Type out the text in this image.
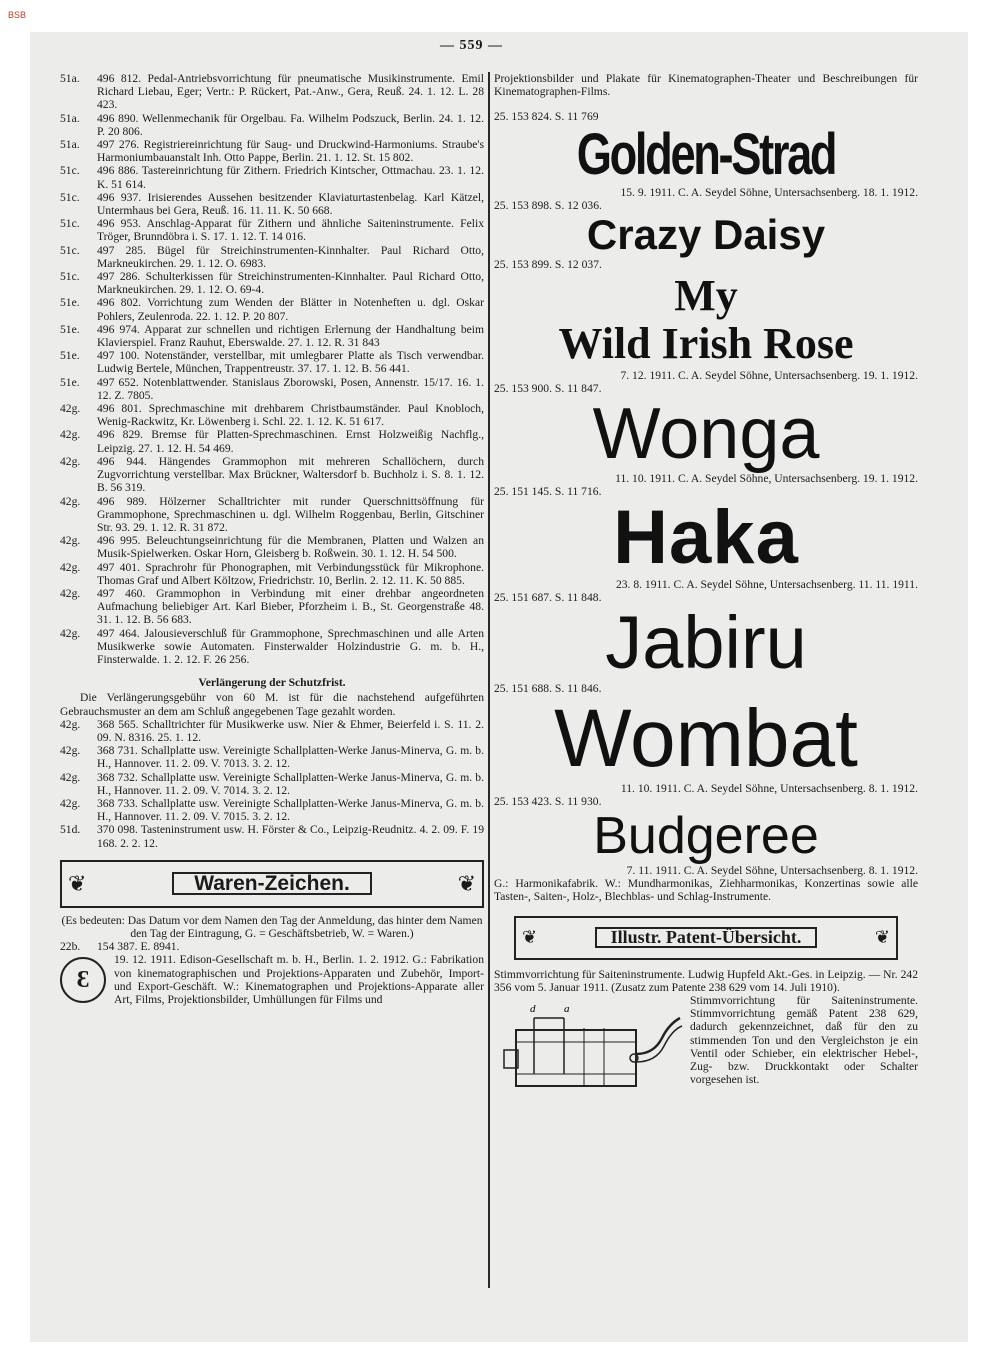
BSB
— 559 —

51a. 496 812. Pedal-Antriebsvorrichtung für pneumatische Musikinstrumente. Emil Richard Liebau, Eger; Vertr.: P. Rückert, Pat.-Anw., Gera, Reuß. 24. 1. 12. L. 28 423.

51a. 496 890. Wellenmechanik für Orgelbau. Fa. Wilhelm Podszuck, Berlin. 24. 1. 12. P. 20 806.

51a. 497 276. Registriereinrichtung für Saug- und Druckwind-Harmoniums. Straube's Harmoniumbauanstalt Inh. Otto Pappe, Berlin. 21. 1. 12. St. 15 802.

51c. 496 886. Tastereinrichtung für Zithern. Friedrich Kintscher, Ottmachau. 23. 1. 12. K. 51 614.

51c. 496 937. Irisierendes Aussehen besitzender Klaviaturtastenbelag. Karl Kätzel, Untermhaus bei Gera, Reuß. 16. 11. 11. K. 50 668.

51c. 496 953. Anschlag-Apparat für Zithern und ähnliche Saiteninstrumente. Felix Tröger, Brunndöbra i. S. 17. 1. 12. T. 14 016.

51c. 497 285. Bügel für Streichinstrumenten-Kinnhalter. Paul Richard Otto, Markneukirchen. 29. 1. 12. O. 6983.

51c. 497 286. Schulterkissen für Streichinstrumenten-Kinnhalter. Paul Richard Otto, Markneukirchen. 29. 1. 12. O. 69-4.

51e. 496 802. Vorrichtung zum Wenden der Blätter in Notenheften u. dgl. Oskar Pohlers, Zeulenroda. 22. 1. 12. P. 20 807.

51e. 496 974. Apparat zur schnellen und richtigen Erlernung der Handhaltung beim Klavierspiel. Franz Rauhut, Eberswalde. 27. 1. 12. R. 31 843

51e. 497 100. Notenständer, verstellbar, mit umlegbarer Platte als Tisch verwendbar. Ludwig Bertele, München, Trappentreustr. 37. 17. 1. 12. B. 56 441.

51e. 497 652. Notenblattwender. Stanislaus Zborowski, Posen, Annenstr. 15/17. 16. 1. 12. Z. 7805.

42g. 496 801. Sprechmaschine mit drehbarem Christbaumständer. Paul Knobloch, Wenig-Rackwitz, Kr. Löwenberg i. Schl. 22. 1. 12. K. 51 617.

42g. 496 829. Bremse für Platten-Sprechmaschinen. Ernst Holzweißig Nachflg., Leipzig. 27. 1. 12. H. 54 469.

42g. 496 944. Hängendes Grammophon mit mehreren Schallöchern, durch Zugvorrichtung verstellbar. Max Brückner, Waltersdorf b. Buchholz i. S. 8. 1. 12. B. 56 319.

42g. 496 989. Hölzerner Schalltrichter mit runder Querschnittsöffnung für Grammophone, Sprechmaschinen u. dgl. Wilhelm Roggenbau, Berlin, Gitschiner Str. 93. 29. 1. 12. R. 31 872.

42g. 496 995. Beleuchtungseinrichtung für die Membranen, Platten und Walzen an Musik-Spielwerken. Oskar Horn, Gleisberg b. Roßwein. 30. 1. 12. H. 54 500.

42g. 497 401. Sprachrohr für Phonographen, mit Verbindungsstück für Mikrophone. Thomas Graf und Albert Költzow, Friedrichstr. 10, Berlin. 2. 12. 11. K. 50 885.

42g. 497 460. Grammophon in Verbindung mit einer drehbar angeordneten Aufmachung beliebiger Art. Karl Bieber, Pforzheim i. B., St. Georgenstraße 48. 31. 1. 12. B. 56 683.

42g. 497 464. Jalousieverschluß für Grammophone, Sprechmaschinen und alle Arten Musikwerke sowie Automaten. Finsterwalder Holzindustrie G. m. b. H., Finsterwalde. 1. 2. 12. F. 26 256.

Verlängerung der Schutzfrist.

Die Verlängerungsgebühr von 60 M. ist für die nachstehend aufgeführten Gebrauchsmuster an dem am Schluß angegebenen Tage gezahlt worden.

42g. 368 565. Schalltrichter für Musikwerke usw. Nier & Ehmer, Beierfeld i. S. 11. 2. 09. N. 8316. 25. 1. 12.

42g. 368 731. Schallplatte usw. Vereinigte Schallplatten-Werke Janus-Minerva, G. m. b. H., Hannover. 11. 2. 09. V. 7013. 3. 2. 12.

42g. 368 732. Schallplatte usw. Vereinigte Schallplatten-Werke Janus-Minerva, G. m. b. H., Hannover. 11. 2. 09. V. 7014. 3. 2. 12.

42g. 368 733. Schallplatte usw. Vereinigte Schallplatten-Werke Janus-Minerva, G. m. b. H., Hannover. 11. 2. 09. V. 7015. 3. 2. 12.

51d. 370 098. Tasteninstrument usw. H. Förster & Co., Leipzig-Reudnitz. 4. 2. 09. F. 19 168. 2. 2. 12.

❦	Waren-Zeichen.	❦

(Es bedeuten: Das Datum vor dem Namen den Tag der Anmeldung, das hinter dem Namen den Tag der Eintragung, G. = Geschäftsbetrieb, W. = Waren.)

22b.	154 387. E. 8941.
Ɛ

19. 12. 1911. Edison-Gesellschaft m. b. H., Berlin. 1. 2. 1912. G.: Fabrikation von kinematographischen und Projektions-Apparaten und Zubehör, Import- und Export-Geschäft. W.: Kinematographen und Projektions-Apparate aller Art, Films, Projektionsbilder, Umhüllungen für Films und

Projektionsbilder und Plakate für Kinematographen-Theater und Beschreibungen für Kinematographen-Films.

25. 153 824. S. 11 769

Golden-Strad

15. 9. 1911. C. A. Seydel Söhne, Untersachsenberg. 18. 1. 1912.

25. 153 898. S. 12 036.

Crazy Daisy

25. 153 899. S. 12 037.

My
Wild Irish Rose

7. 12. 1911. C. A. Seydel Söhne, Untersachsenberg. 19. 1. 1912.

25. 153 900. S. 11 847.

Wonga

11. 10. 1911. C. A. Seydel Söhne, Untersachsenberg. 19. 1. 1912.

25. 151 145. S. 11 716.

Haka

23. 8. 1911. C. A. Seydel Söhne, Untersachsenberg. 11. 11. 1911.

25. 151 687. S. 11 848.

Jabiru

25. 151 688. S. 11 846.

Wombat

11. 10. 1911. C. A. Seydel Söhne, Untersachsenberg. 8. 1. 1912.

25. 153 423. S. 11 930.

Budgeree

7. 11. 1911. C. A. Seydel Söhne, Untersachsenberg. 8. 1. 1912.

G.: Harmonikafabrik. W.: Mundharmonikas, Ziehharmonikas, Konzertinas sowie alle Tasten-, Saiten-, Holz-, Blechblas- und Schlag-Instrumente.

❦	Illustr. Patent-Übersicht.	❦

Stimmvorrichtung für Saiteninstrumente. Ludwig Hupfeld Akt.-Ges. in Leipzig. — Nr. 242 356 vom 5. Januar 1911. (Zusatz zum Patente 238 629 vom 14. Juli 1910).

d	a

Stimmvorrichtung für Saiteninstrumente. Stimmvorrichtung gemäß Patent 238 629, dadurch gekennzeichnet, daß für den zu stimmenden Ton und den Vergleichston je ein Ventil oder Schieber, ein elektrischer Hebel-, Zug- bzw. Druckkontakt oder Schalter vorgesehen ist.
